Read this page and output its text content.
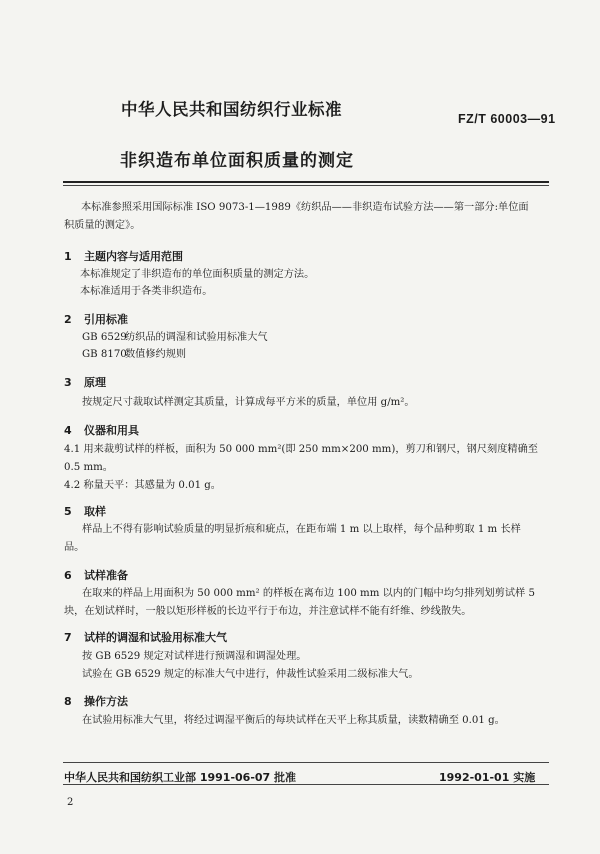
中华人民共和国纺织行业标准	FZ/T 60003—91
非织造布单位面积质量的测定
本标准参照采用国际标准 ISO 9073-1—1989《纺织品——非织造布试验方法——第一部分:单位面
积质量的测定》。
1 主题内容与适用范围
本标准规定了非织造布的单位面积质量的测定方法。
本标准适用于各类非织造布。
2 引用标准
GB 6529纺织品的调湿和试验用标准大气
GB 8170数值修约规则
3 原理
按规定尺寸裁取试样测定其质量，计算成每平方米的质量，单位用 g/m²。
4 仪器和用具
4.1 用来裁剪试样的样板，面积为 50 000 mm²(即 250 mm×200 mm)，剪刀和钢尺，钢尺刻度精确至
0.5 mm。
4.2 称量天平：其感量为 0.01 g。
5 取样
样品上不得有影响试验质量的明显折痕和疵点，在距布端 1 m 以上取样，每个品种剪取 1 m 长样
品。
6 试样准备
在取来的样品上用面积为 50 000 mm² 的样板在离布边 100 mm 以内的门幅中均匀排列划剪试样 5
块，在划试样时，一般以矩形样板的长边平行于布边，并注意试样不能有纤维、纱线散失。
7 试样的调湿和试验用标准大气
按 GB 6529 规定对试样进行预调湿和调湿处理。
试验在 GB 6529 规定的标准大气中进行，仲裁性试验采用二级标准大气。
8 操作方法
在试验用标准大气里，将经过调湿平衡后的每块试样在天平上称其质量，读数精确至 0.01 g。
中华人民共和国纺织工业部 1991-06-07 批准	1992-01-01 实施
2
